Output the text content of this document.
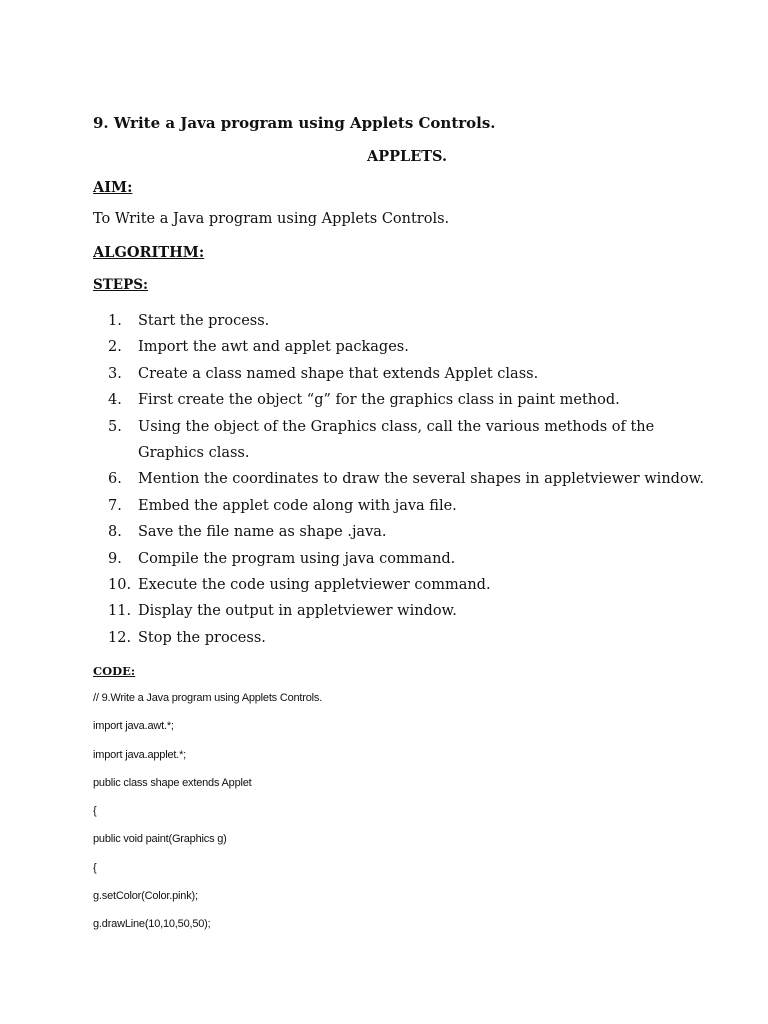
9. Write a Java program using Applets Controls.
APPLETS.
AIM:
To Write a Java program using Applets Controls.
ALGORITHM:
STEPS:
1. Start the process.
2. Import the awt and applet packages.
3. Create a class named shape that extends Applet class.
4. First create the object “g” for the graphics class in paint method.
5. Using the object of the Graphics class, call the various methods of the
Graphics class.
6. Mention the coordinates to draw the several shapes in appletviewer window.
7. Embed the applet code along with java file.
8. Save the file name as shape .java.
9. Compile the program using java command.
10. Execute the code using appletviewer command.
11. Display the output in appletviewer window.
12. Stop the process.
CODE:
// 9.Write a Java program using Applets Controls.
import java.awt.*;
import java.applet.*;
public class shape extends Applet
{
public void paint(Graphics g)
{
g.setColor(Color.pink);
g.drawLine(10,10,50,50);
